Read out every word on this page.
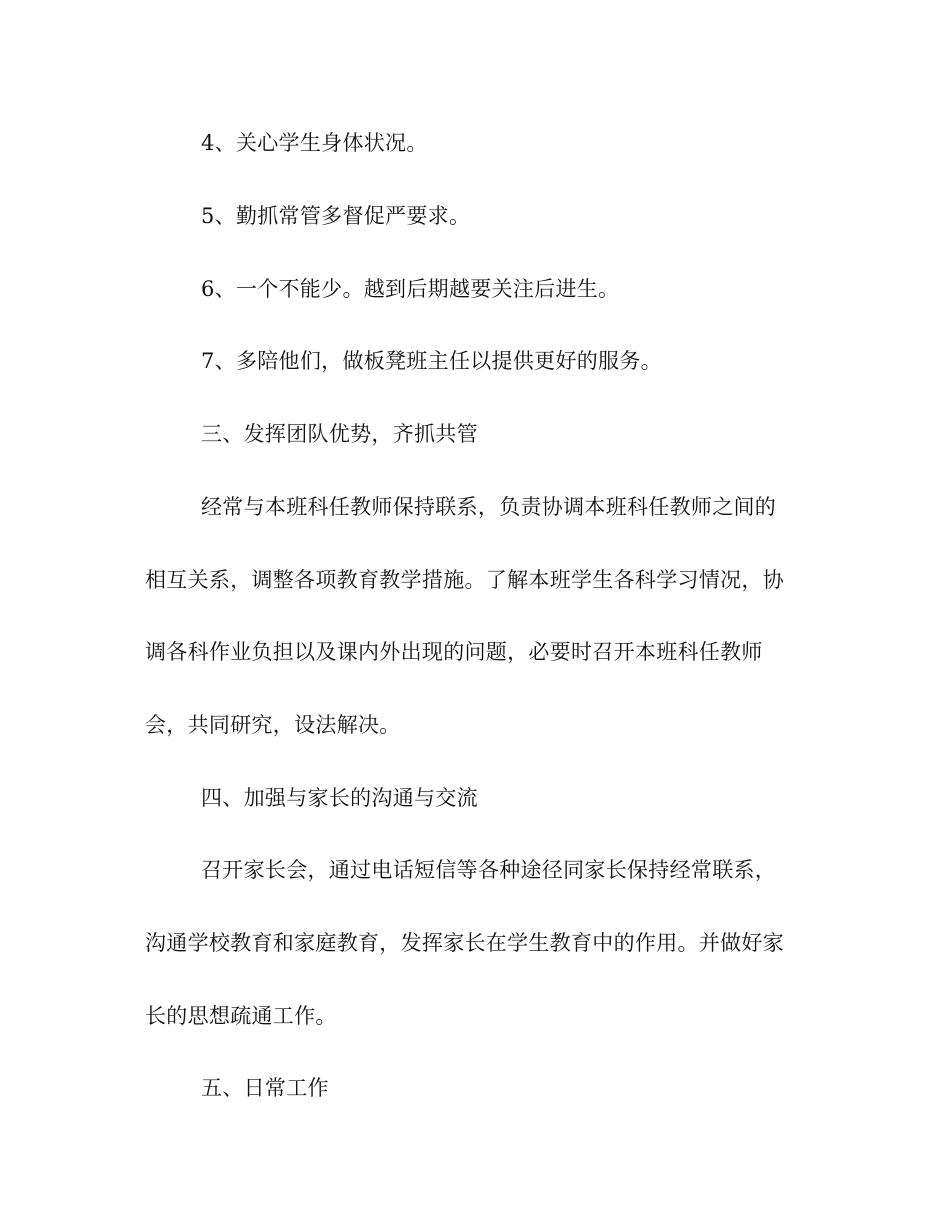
4、关心学生身体状况。
5、勤抓常管多督促严要求。
6、一个不能少。越到后期越要关注后进生。
7、多陪他们，做板凳班主任以提供更好的服务。
三、发挥团队优势，齐抓共管
经常与本班科任教师保持联系，负责协调本班科任教师之间的
相互关系，调整各项教育教学措施。了解本班学生各科学习情况，协
调各科作业负担以及课内外出现的问题，必要时召开本班科任教师
会，共同研究，设法解决。
四、加强与家长的沟通与交流
召开家长会，通过电话短信等各种途径同家长保持经常联系，
沟通学校教育和家庭教育，发挥家长在学生教育中的作用。并做好家
长的思想疏通工作。
五、日常工作
